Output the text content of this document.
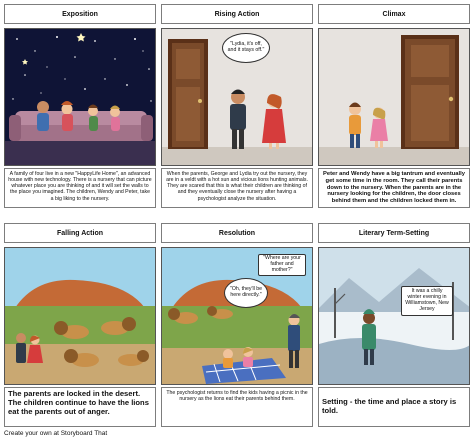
Exposition	Rising Action	Climax
A family of four live in a new "HappyLife Home", an advanced house with new technology. There is a nursery that can picture whatever place you are thinking of and it will set the walls to the place you imagined. The children, Wendy and Peter, take a big liking to the nursery.
"Lydia, it's off, and it stays off."
When the parents, George and Lydia try out the nursery, they are in a veldt with a hot sun and vicious lions hunting animals. They are scared that this is what their children are thinking of and they eventually close the nursery after having a psychologist analyze the situation.
Peter and Wendy have a big tantrum and eventually get some time in the room. They call their parents down to the nursery. When the parents are in the nursery looking for the children, the door closes behind them and the children locked them in.
Falling Action	Resolution	Literary Term-Setting
The parents are locked in the desert. The children continue to have the lions eat the parents out of anger.
"Where are your father and mother?"
"Oh, they'll be here directly."
The psychologist returns to find the kids having a picnic in the nursery as the lions eat their parents behind them.
It was a chilly winter evening in Williamstown, New Jersey
Setting - the time and place a story is told.
Create your own at Storyboard That
